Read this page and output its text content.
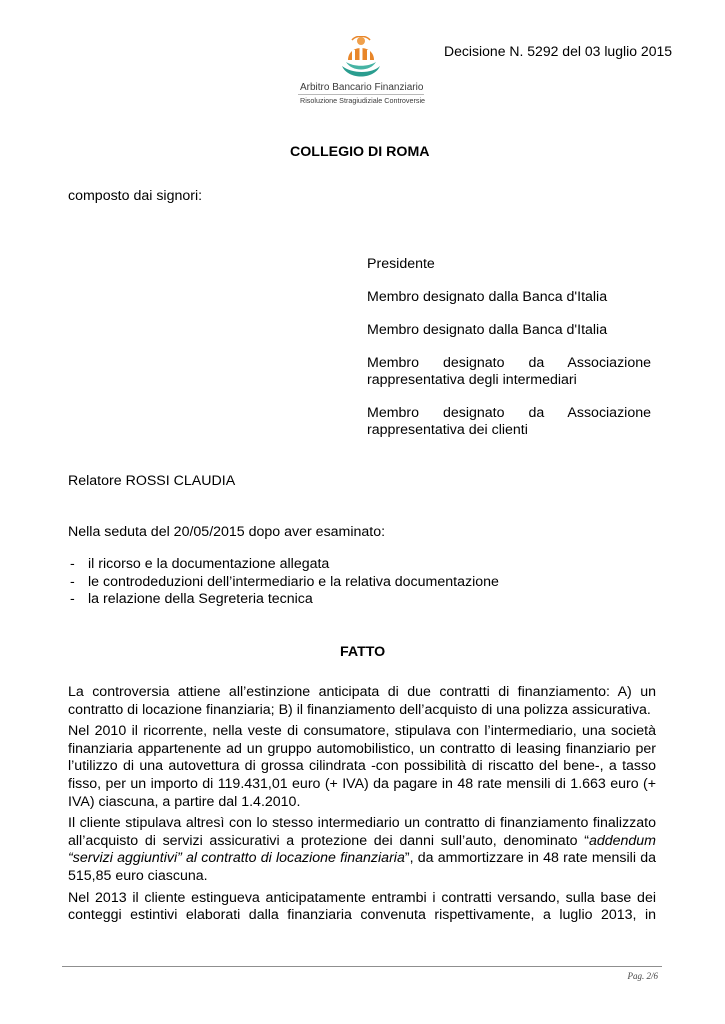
Arbitro Bancario Finanziario
Risoluzione Stragiudiziale Controversie
Decisione N. 5292 del 03 luglio 2015
COLLEGIO DI ROMA
composto dai signori:
Presidente
Membro designato dalla Banca d'Italia
Membro designato dalla Banca d'Italia
Membro designato da Associazione
rappresentativa degli intermediari
Membro designato da Associazione
rappresentativa dei clienti
Relatore ROSSI CLAUDIA
Nella seduta del 20/05/2015 dopo aver esaminato:
- il ricorso e la documentazione allegata
- le controdeduzioni dell’intermediario e la relativa documentazione
- la relazione della Segreteria tecnica
FATTO

La controversia attiene all’estinzione anticipata di due contratti di finanziamento: A) un contratto di locazione finanziaria; B) il finanziamento dell’acquisto di una polizza assicurativa.

Nel 2010 il ricorrente, nella veste di consumatore, stipulava con l’intermediario, una società finanziaria appartenente ad un gruppo automobilistico, un contratto di leasing finanziario per l’utilizzo di una autovettura di grossa cilindrata -con possibilità di riscatto del bene-, a tasso fisso, per un importo di 119.431,01 euro (+ IVA) da pagare in 48 rate mensili di 1.663 euro (+ IVA) ciascuna, a partire dal 1.4.2010.

Il cliente stipulava altresì con lo stesso intermediario un contratto di finanziamento finalizzato all’acquisto di servizi assicurativi a protezione dei danni sull’auto, denominato “addendum “servizi aggiuntivi” al contratto di locazione finanziaria”, da ammortizzare in 48 rate mensili da 515,85 euro ciascuna.

Nel 2013 il cliente estingueva anticipatamente entrambi i contratti versando, sulla base dei conteggi estintivi elaborati dalla finanziaria convenuta rispettivamente, a luglio 2013, in

Pag. 2/6
